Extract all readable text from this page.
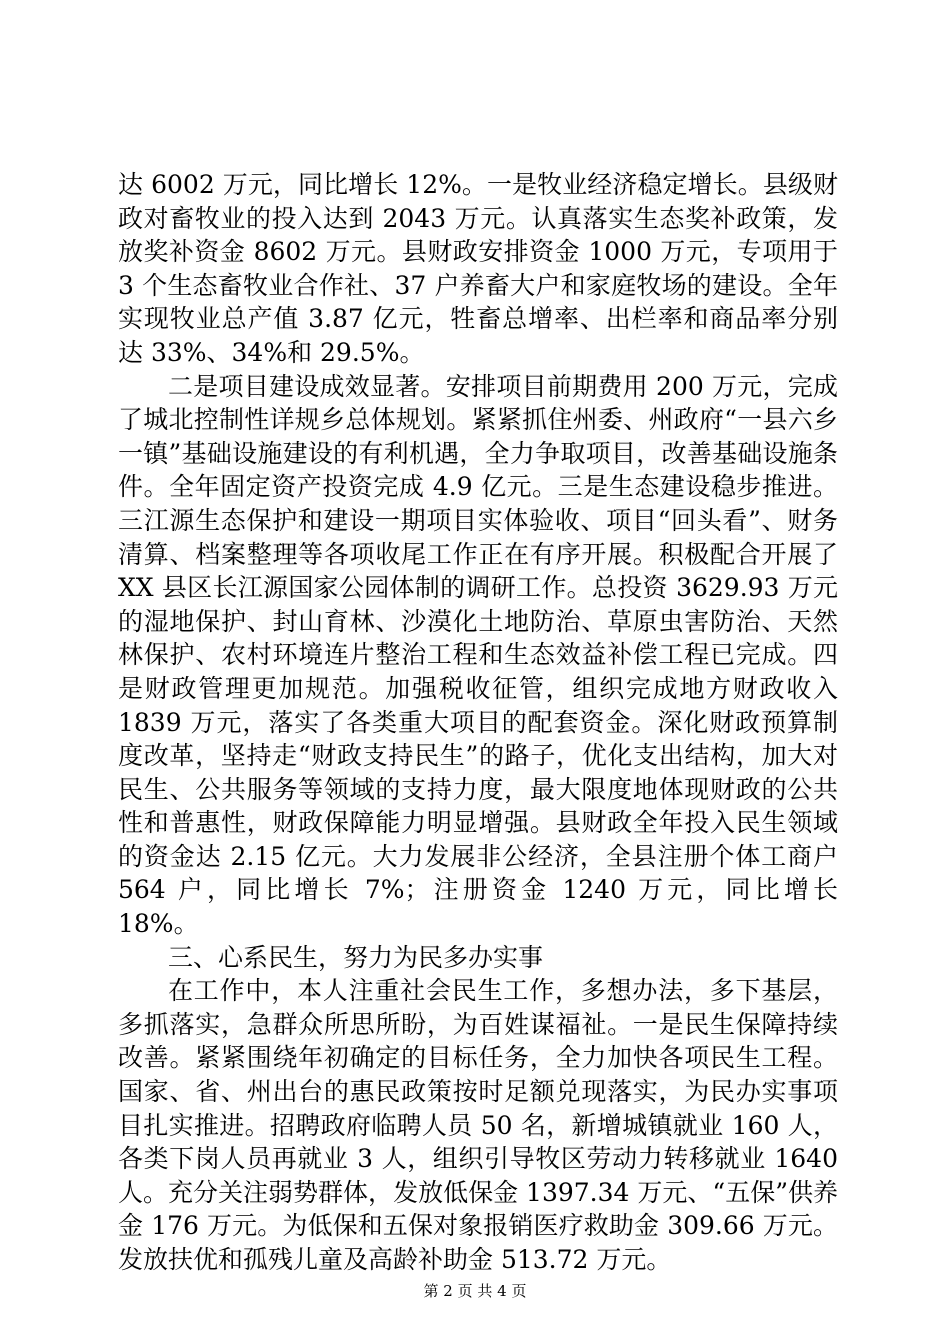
达 6002 万元，同比增长 12%。一是牧业经济稳定增长。县级财政对畜牧业的投入达到 2043 万元。认真落实生态奖补政策，发放奖补资金 8602 万元。县财政安排资金 1000 万元，专项用于 3 个生态畜牧业合作社、37 户养畜大户和家庭牧场的建设。全年实现牧业总产值 3.87 亿元，牲畜总增率、出栏率和商品率分别达 33%、34%和 29.5%。

二是项目建设成效显著。安排项目前期费用 200 万元，完成了城北控制性详规乡总体规划。紧紧抓住州委、州政府“一县六乡一镇”基础设施建设的有利机遇，全力争取项目，改善基础设施条件。全年固定资产投资完成 4.9 亿元。三是生态建设稳步推进。三江源生态保护和建设一期项目实体验收、项目“回头看”、财务清算、档案整理等各项收尾工作正在有序开展。积极配合开展了 XX 县区长江源国家公园体制的调研工作。总投资 3629.93 万元的湿地保护、封山育林、沙漠化土地防治、草原虫害防治、天然林保护、农村环境连片整治工程和生态效益补偿工程已完成。四是财政管理更加规范。加强税收征管，组织完成地方财政收入 1839 万元，落实了各类重大项目的配套资金。深化财政预算制度改革，坚持走“财政支持民生”的路子，优化支出结构，加大对民生、公共服务等领域的支持力度，最大限度地体现财政的公共性和普惠性，财政保障能力明显增强。县财政全年投入民生领域的资金达 2.15 亿元。大力发展非公经济，全县注册个体工商户 564 户，同比增长 7%；注册资金 1240 万元，同比增长 18%。

三、心系民生，努力为民多办实事

在工作中，本人注重社会民生工作，多想办法，多下基层，多抓落实，急群众所思所盼，为百姓谋福祉。一是民生保障持续改善。紧紧围绕年初确定的目标任务，全力加快各项民生工程。国家、省、州出台的惠民政策按时足额兑现落实，为民办实事项目扎实推进。招聘政府临聘人员 50 名，新增城镇就业 160 人，各类下岗人员再就业 3 人，组织引导牧区劳动力转移就业 1640 人。充分关注弱势群体，发放低保金 1397.34 万元、“五保”供养金 176 万元。为低保和五保对象报销医疗救助金 309.66 万元。发放扶优和孤残儿童及高龄补助金 513.72 万元。

第 2 页 共 4 页
